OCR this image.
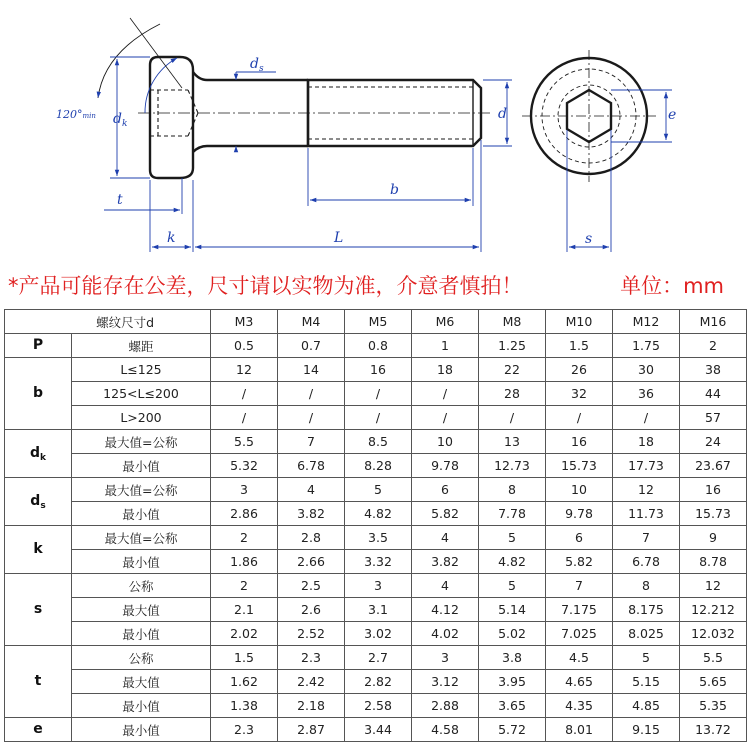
120°min
$d_s$
$d_k$
d
b
t
k	L
e
s
*产品可能存在公差，尺寸请以实物为准，介意者慎拍！	单位：mm
螺纹尺寸d		M3	M4	M5	M6	M8	M10	M12	M16
P	螺距	0.5	0.7	0.8	1	1.25	1.5	1.75	2
b	L≤125	12	14	16	18	22	26	30	38
	125<L≤200	/	/	/	/	28	32	36	44
	L>200	/	/	/	/	/	/	/	57
$d_k$	最大值=公称	5.5	7	8.5	10	13	16	18	24
	最小值	5.32	6.78	8.28	9.78	12.73	15.73	17.73	23.67
$d_s$	最大值=公称	3	4	5	6	8	10	12	16
	最小值	2.86	3.82	4.82	5.82	7.78	9.78	11.73	15.73
k	最大值=公称	2	2.8	3.5	4	5	6	7	9
	最小值	1.86	2.66	3.32	3.82	4.82	5.82	6.78	8.78
s	公称	2	2.5	3	4	5	7	8	12
	最大值	2.1	2.6	3.1	4.12	5.14	7.175	8.175	12.212
	最小值	2.02	2.52	3.02	4.02	5.02	7.025	8.025	12.032
t	公称	1.5	2.3	2.7	3	3.8	4.5	5	5.5
	最大值	1.62	2.42	2.82	3.12	3.95	4.65	5.15	5.65
	最小值	1.38	2.18	2.58	2.88	3.65	4.35	4.85	5.35
e	最小值	2.3	2.87	3.44	4.58	5.72	8.01	9.15	13.72
